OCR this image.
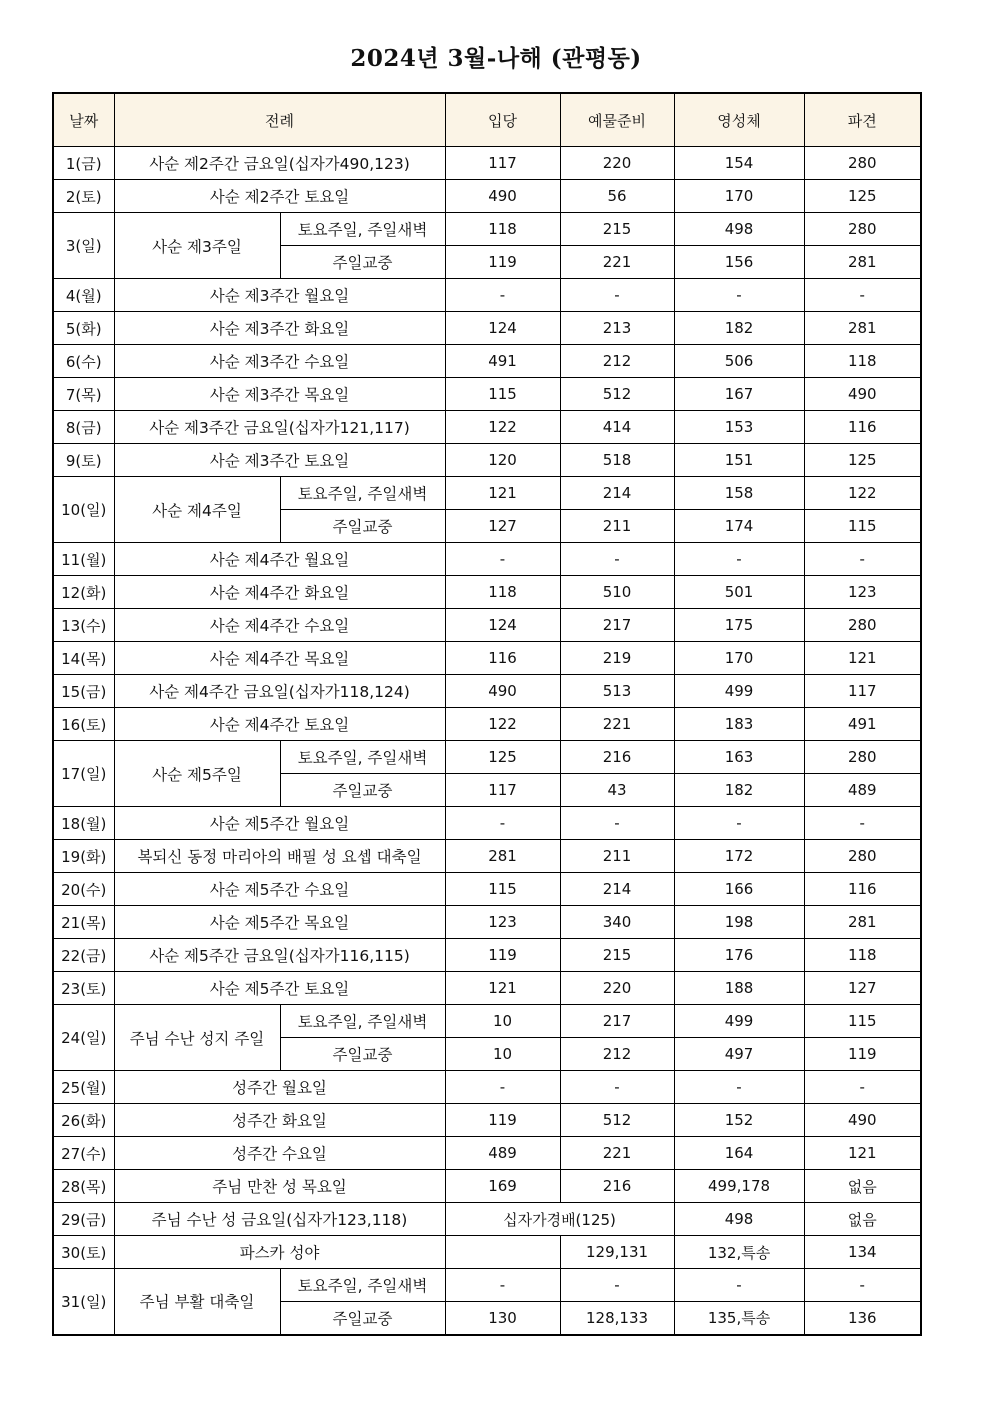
2024년 3월-나해 (관평동)
날짜	전례		입당	예물준비	영성체	파견
1(금)	사순 제2주간 금요일(십자가490,123)		117	220	154	280
2(토)	사순 제2주간 토요일		490	56	170	125
3(일)	사순 제3주일	토요주일, 주일새벽	118	215	498	280
		주일교중	119	221	156	281
4(월)	사순 제3주간 월요일		-	-	-	-
5(화)	사순 제3주간 화요일		124	213	182	281
6(수)	사순 제3주간 수요일		491	212	506	118
7(목)	사순 제3주간 목요일		115	512	167	490
8(금)	사순 제3주간 금요일(십자가121,117)		122	414	153	116
9(토)	사순 제3주간 토요일		120	518	151	125
10(일)	사순 제4주일	토요주일, 주일새벽	121	214	158	122
		주일교중	127	211	174	115
11(월)	사순 제4주간 월요일		-	-	-	-
12(화)	사순 제4주간 화요일		118	510	501	123
13(수)	사순 제4주간 수요일		124	217	175	280
14(목)	사순 제4주간 목요일		116	219	170	121
15(금)	사순 제4주간 금요일(십자가118,124)		490	513	499	117
16(토)	사순 제4주간 토요일		122	221	183	491
17(일)	사순 제5주일	토요주일, 주일새벽	125	216	163	280
		주일교중	117	43	182	489
18(월)	사순 제5주간 월요일		-	-	-	-
19(화)	복되신 동정 마리아의 배필 성 요셉 대축일		281	211	172	280
20(수)	사순 제5주간 수요일		115	214	166	116
21(목)	사순 제5주간 목요일		123	340	198	281
22(금)	사순 제5주간 금요일(십자가116,115)		119	215	176	118
23(토)	사순 제5주간 토요일		121	220	188	127
24(일)	주님 수난 성지 주일	토요주일, 주일새벽	10	217	499	115
		주일교중	10	212	497	119
25(월)	성주간 월요일		-	-	-	-
26(화)	성주간 화요일		119	512	152	490
27(수)	성주간 수요일		489	221	164	121
28(목)	주님 만찬 성 목요일		169	216	499,178	없음
29(금)	주님 수난 성 금요일(십자가123,118)		십자가경배(125)		498	없음
30(토)	파스카 성야			129,131	132,특송	134
31(일)	주님 부활 대축일	토요주일, 주일새벽	-	-	-	-
		주일교중	130	128,133	135,특송	136
